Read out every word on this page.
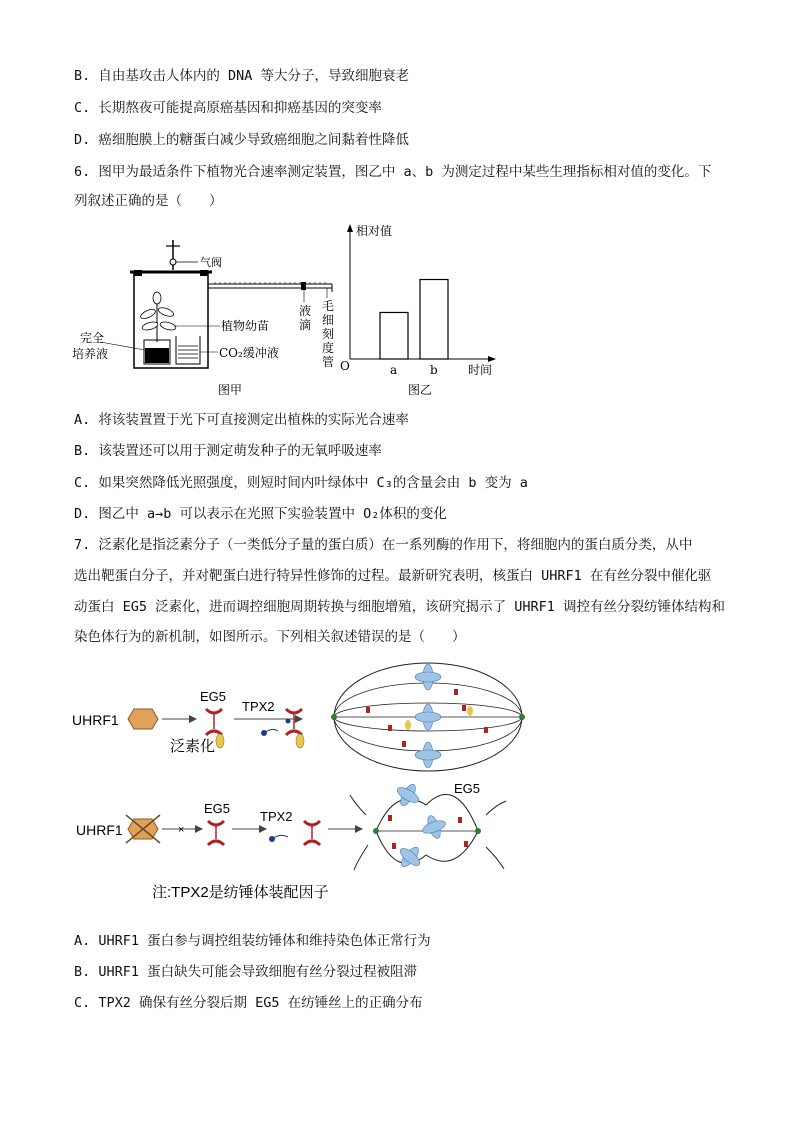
B. 自由基攻击人体内的 DNA 等大分子，导致细胞衰老
C. 长期熬夜可能提高原癌基因和抑癌基因的突变率
D. 癌细胞膜上的糖蛋白减少导致癌细胞之间黏着性降低
6. 图甲为最适条件下植物光合速率测定装置，图乙中 a、b 为测定过程中某些生理指标相对值的变化。下
列叙述正确的是（　　）
气阀
液
滴
毛
细
刻
度
管
植物幼苗
完全
培养液	CO₂缓冲液
图甲
相对值
时间
O	a	b
图乙
A. 将该装置置于光下可直接测定出植株的实际光合速率
B. 该装置还可以用于测定萌发种子的无氧呼吸速率
C. 如果突然降低光照强度，则短时间内叶绿体中 C₃的含量会由 b 变为 a
D. 图乙中 a→b 可以表示在光照下实验装置中 O₂体积的变化
7. 泛素化是指泛素分子（一类低分子量的蛋白质）在一系列酶的作用下，将细胞内的蛋白质分类，从中
选出靶蛋白分子，并对靶蛋白进行特异性修饰的过程。最新研究表明，核蛋白 UHRF1 在有丝分裂中催化驱
动蛋白 EG5 泛素化，进而调控细胞周期转换与细胞增殖，该研究揭示了 UHRF1 调控有丝分裂纺锤体结构和
染色体行为的新机制，如图所示。下列相关叙述错误的是（　　）
UHRF1
泛素化
EG5
TPX2
UHRF1	×
EG5
TPX2
EG5
注:TPX2是纺锤体装配因子
A. UHRF1 蛋白参与调控组装纺锤体和维持染色体正常行为
B. UHRF1 蛋白缺失可能会导致细胞有丝分裂过程被阻滞
C. TPX2 确保有丝分裂后期 EG5 在纺锤丝上的正确分布
